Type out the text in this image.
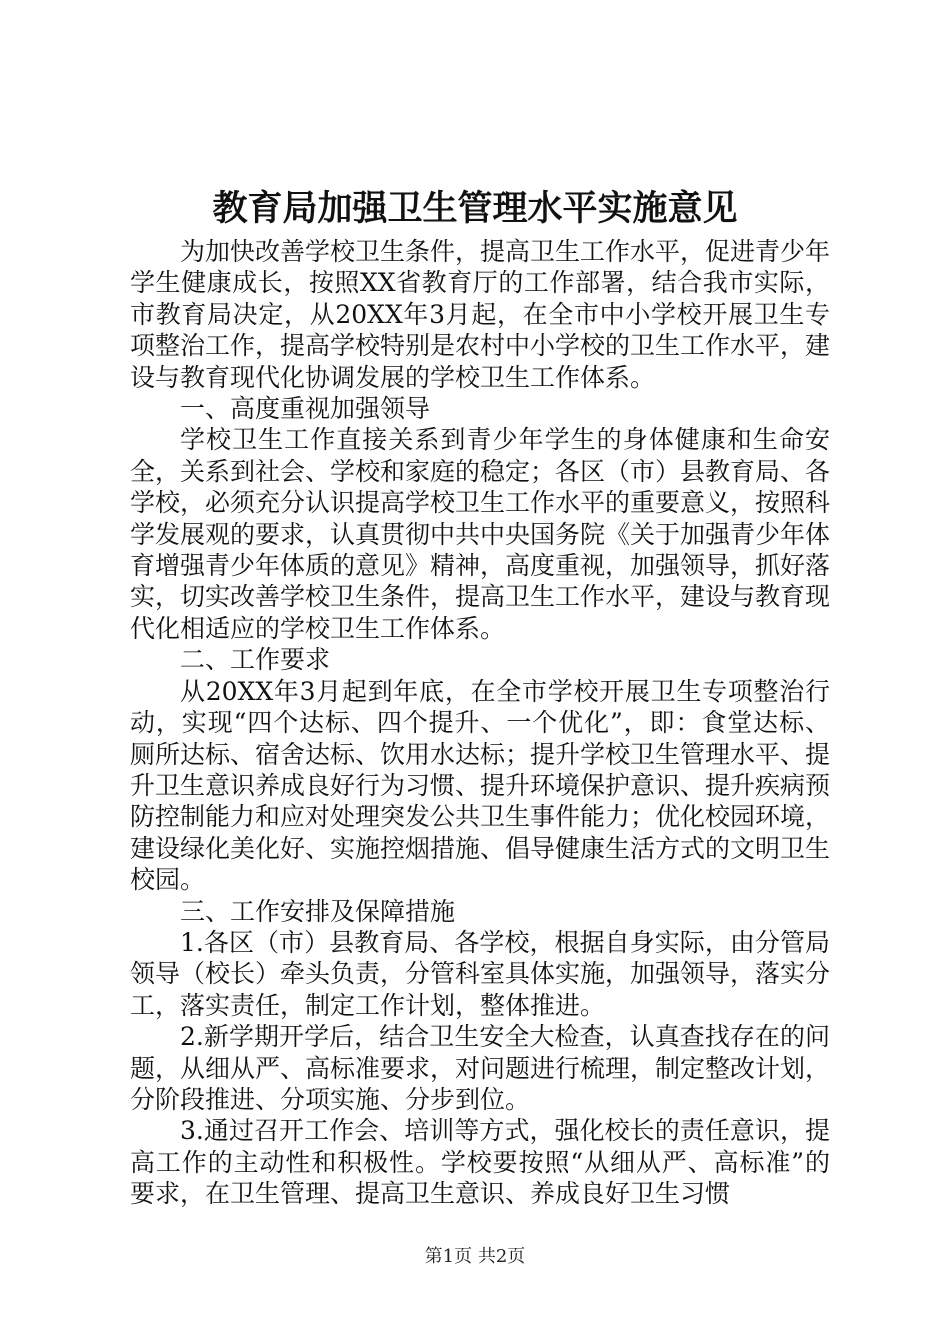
教育局加强卫生管理水平实施意见

为加快改善学校卫生条件，提高卫生工作水平，促进青少年学生健康成长，按照XX省教育厅的工作部署，结合我市实际，市教育局决定，从20XX年3月起，在全市中小学校开展卫生专项整治工作，提高学校特别是农村中小学校的卫生工作水平，建设与教育现代化协调发展的学校卫生工作体系。

一、高度重视加强领导

学校卫生工作直接关系到青少年学生的身体健康和生命安全，关系到社会、学校和家庭的稳定；各区（市）县教育局、各学校，必须充分认识提高学校卫生工作水平的重要意义，按照科学发展观的要求，认真贯彻中共中央国务院《关于加强青少年体育增强青少年体质的意见》精神，高度重视，加强领导，抓好落实，切实改善学校卫生条件，提高卫生工作水平，建设与教育现代化相适应的学校卫生工作体系。

二、工作要求

从20XX年3月起到年底，在全市学校开展卫生专项整治行动，实现“四个达标、四个提升、一个优化”，即：食堂达标、厕所达标、宿舍达标、饮用水达标；提升学校卫生管理水平、提升卫生意识养成良好行为习惯、提升环境保护意识、提升疾病预防控制能力和应对处理突发公共卫生事件能力；优化校园环境，建设绿化美化好、实施控烟措施、倡导健康生活方式的文明卫生校园。

三、工作安排及保障措施

1.各区（市）县教育局、各学校，根据自身实际，由分管局领导（校长）牵头负责，分管科室具体实施，加强领导，落实分工，落实责任，制定工作计划，整体推进。

2.新学期开学后，结合卫生安全大检查，认真查找存在的问题，从细从严、高标准要求，对问题进行梳理，制定整改计划，分阶段推进、分项实施、分步到位。

3.通过召开工作会、培训等方式，强化校长的责任意识，提高工作的主动性和积极性。学校要按照“从细从严、高标准”的要求，在卫生管理、提高卫生意识、养成良好卫生习惯

第1页 共2页
